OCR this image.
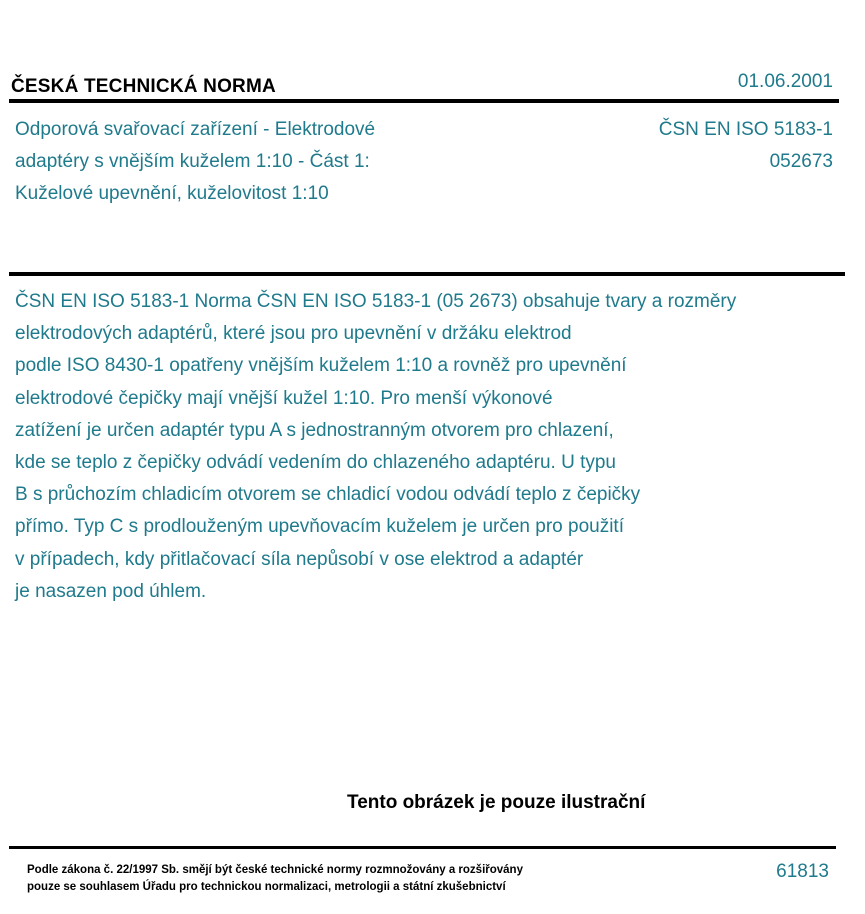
ČESKÁ TECHNICKÁ NORMA	01.06.2001
Odporová svařovací zařízení - Elektrodové
adaptéry s vnějším kuželem 1:10 - Část 1:
Kuželové upevnění, kuželovitost 1:10
ČSN EN ISO 5183-1
052673
ČSN EN ISO 5183-1 Norma ČSN EN ISO 5183-1 (05 2673) obsahuje tvary a rozměry
elektrodových adaptérů, které jsou pro upevnění v držáku elektrod
podle ISO 8430-1 opatřeny vnějším kuželem 1:10 a rovněž pro upevnění
elektrodové čepičky mají vnější kužel 1:10. Pro menší výkonové
zatížení je určen adaptér typu A s jednostranným otvorem pro chlazení,
kde se teplo z čepičky odvádí vedením do chlazeného adaptéru. U typu
B s průchozím chladicím otvorem se chladicí vodou odvádí teplo z čepičky
přímo. Typ C s prodlouženým upevňovacím kuželem je určen pro použití
v případech, kdy přitlačovací síla nepůsobí v ose elektrod a adaptér
je nasazen pod úhlem.
Tento obrázek je pouze ilustrační
Podle zákona č. 22/1997 Sb. smějí být české technické normy rozmnožovány a rozšiřovány
pouze se souhlasem Úřadu pro technickou normalizaci, metrologii a státní zkušebnictví
61813
